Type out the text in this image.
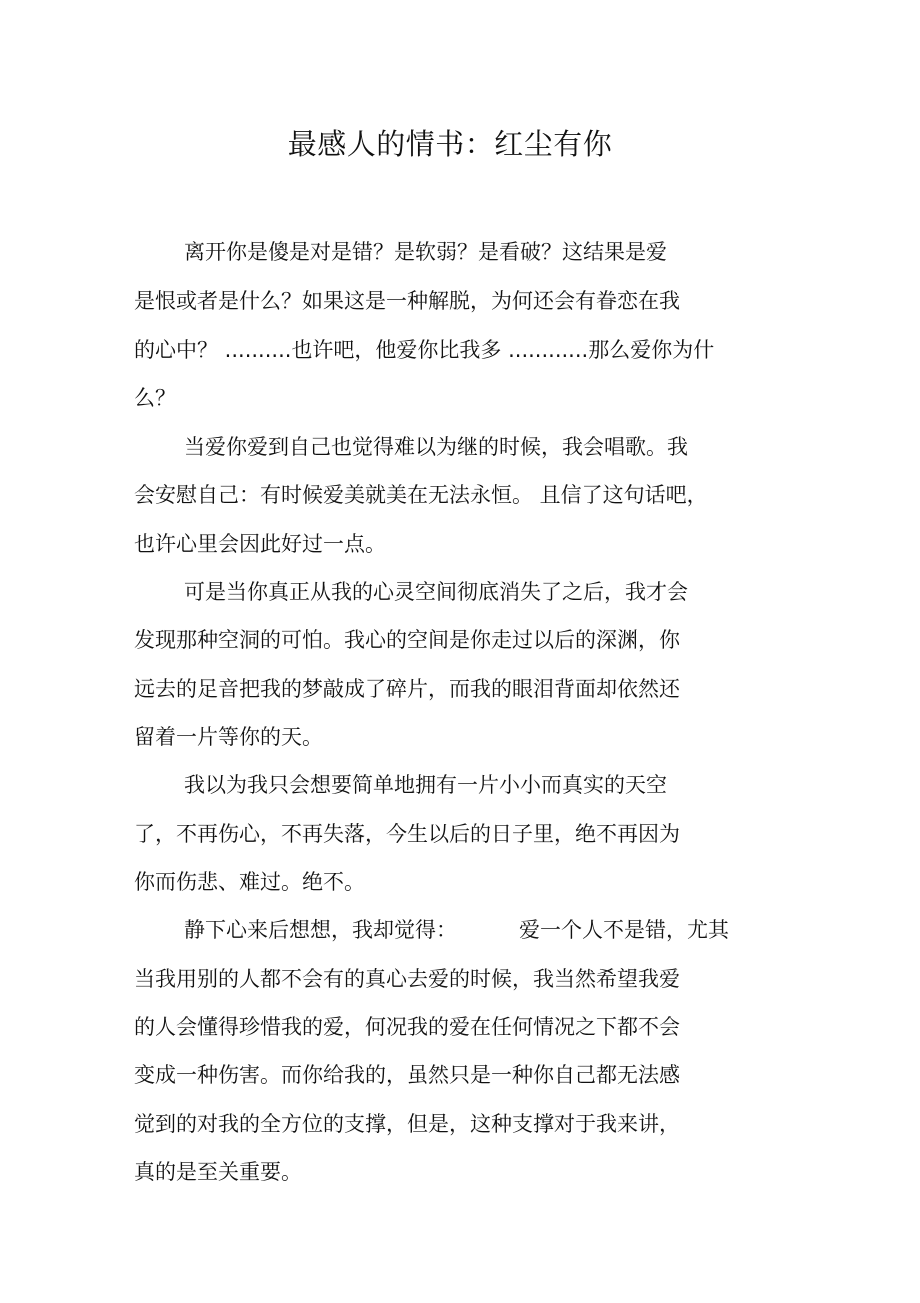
最感人的情书：红尘有你
离开你是傻是对是错？是软弱？是看破？这结果是爱
是恨或者是什么？如果这是一种解脱，为何还会有眷恋在我
的心中？ ..........也许吧，他爱你比我多 ............那么爱你为什
么？
当爱你爱到自己也觉得难以为继的时候，我会唱歌。我
会安慰自己：有时候爱美就美在无法永恒。 且信了这句话吧，
也许心里会因此好过一点。
可是当你真正从我的心灵空间彻底消失了之后，我才会
发现那种空洞的可怕。我心的空间是你走过以后的深渊，你
远去的足音把我的梦敲成了碎片，而我的眼泪背面却依然还
留着一片等你的天。
我以为我只会想要简单地拥有一片小小而真实的天空
了，不再伤心，不再失落，今生以后的日子里，绝不再因为
你而伤悲、难过。绝不。
静下心来后想想，我却觉得：	爱一个人不是错，尤其
当我用别的人都不会有的真心去爱的时候，我当然希望我爱
的人会懂得珍惜我的爱，何况我的爱在任何情况之下都不会
变成一种伤害。而你给我的，虽然只是一种你自己都无法感
觉到的对我的全方位的支撑，但是，这种支撑对于我来讲，
真的是至关重要。
